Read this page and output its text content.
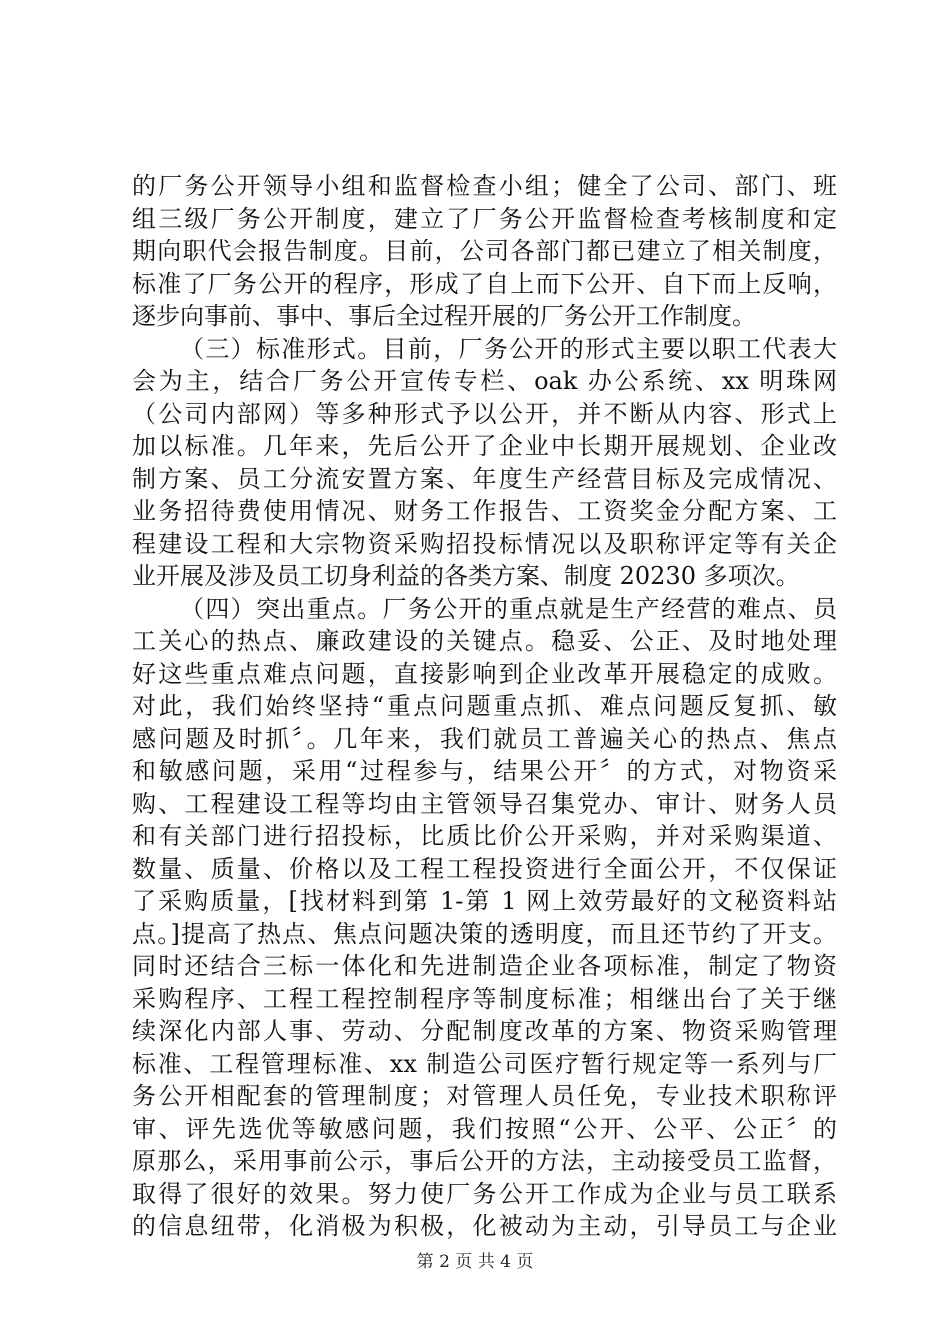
的厂务公开领导小组和监督检查小组；健全了公司、部门、班
组三级厂务公开制度，建立了厂务公开监督检查考核制度和定
期向职代会报告制度。目前，公司各部门都已建立了相关制度，
标准了厂务公开的程序，形成了自上而下公开、自下而上反响，
逐步向事前、事中、事后全过程开展的厂务公开工作制度。
（三）标准形式。目前，厂务公开的形式主要以职工代表大
会为主，结合厂务公开宣传专栏、oak 办公系统、xx 明珠网
（公司内部网）等多种形式予以公开，并不断从内容、形式上
加以标准。几年来，先后公开了企业中长期开展规划、企业改
制方案、员工分流安置方案、年度生产经营目标及完成情况、
业务招待费使用情况、财务工作报告、工资奖金分配方案、工
程建设工程和大宗物资采购招投标情况以及职称评定等有关企
业开展及涉及员工切身利益的各类方案、制度 20230 多项次。
（四）突出重点。厂务公开的重点就是生产经营的难点、员
工关心的热点、廉政建设的关键点。稳妥、公正、及时地处理
好这些重点难点问题，直接影响到企业改革开展稳定的成败。
对此，我们始终坚持“重点问题重点抓、难点问题反复抓、敏
感问题及时抓〞。几年来，我们就员工普遍关心的热点、焦点
和敏感问题，采用“过程参与，结果公开〞的方式，对物资采
购、工程建设工程等均由主管领导召集党办、审计、财务人员
和有关部门进行招投标，比质比价公开采购，并对采购渠道、
数量、质量、价格以及工程工程投资进行全面公开，不仅保证
了采购质量，[找材料到第 1-第 1 网上效劳最好的文秘资料站
点。]提高了热点、焦点问题决策的透明度，而且还节约了开支。
同时还结合三标一体化和先进制造企业各项标准，制定了物资
采购程序、工程工程控制程序等制度标准；相继出台了关于继
续深化内部人事、劳动、分配制度改革的方案、物资采购管理
标准、工程管理标准、xx 制造公司医疗暂行规定等一系列与厂
务公开相配套的管理制度；对管理人员任免，专业技术职称评
审、评先选优等敏感问题，我们按照“公开、公平、公正〞的
原那么，采用事前公示，事后公开的方法，主动接受员工监督，
取得了很好的效果。努力使厂务公开工作成为企业与员工联系
的信息纽带，化消极为积极，化被动为主动，引导员工与企业
第 2 页 共 4 页
